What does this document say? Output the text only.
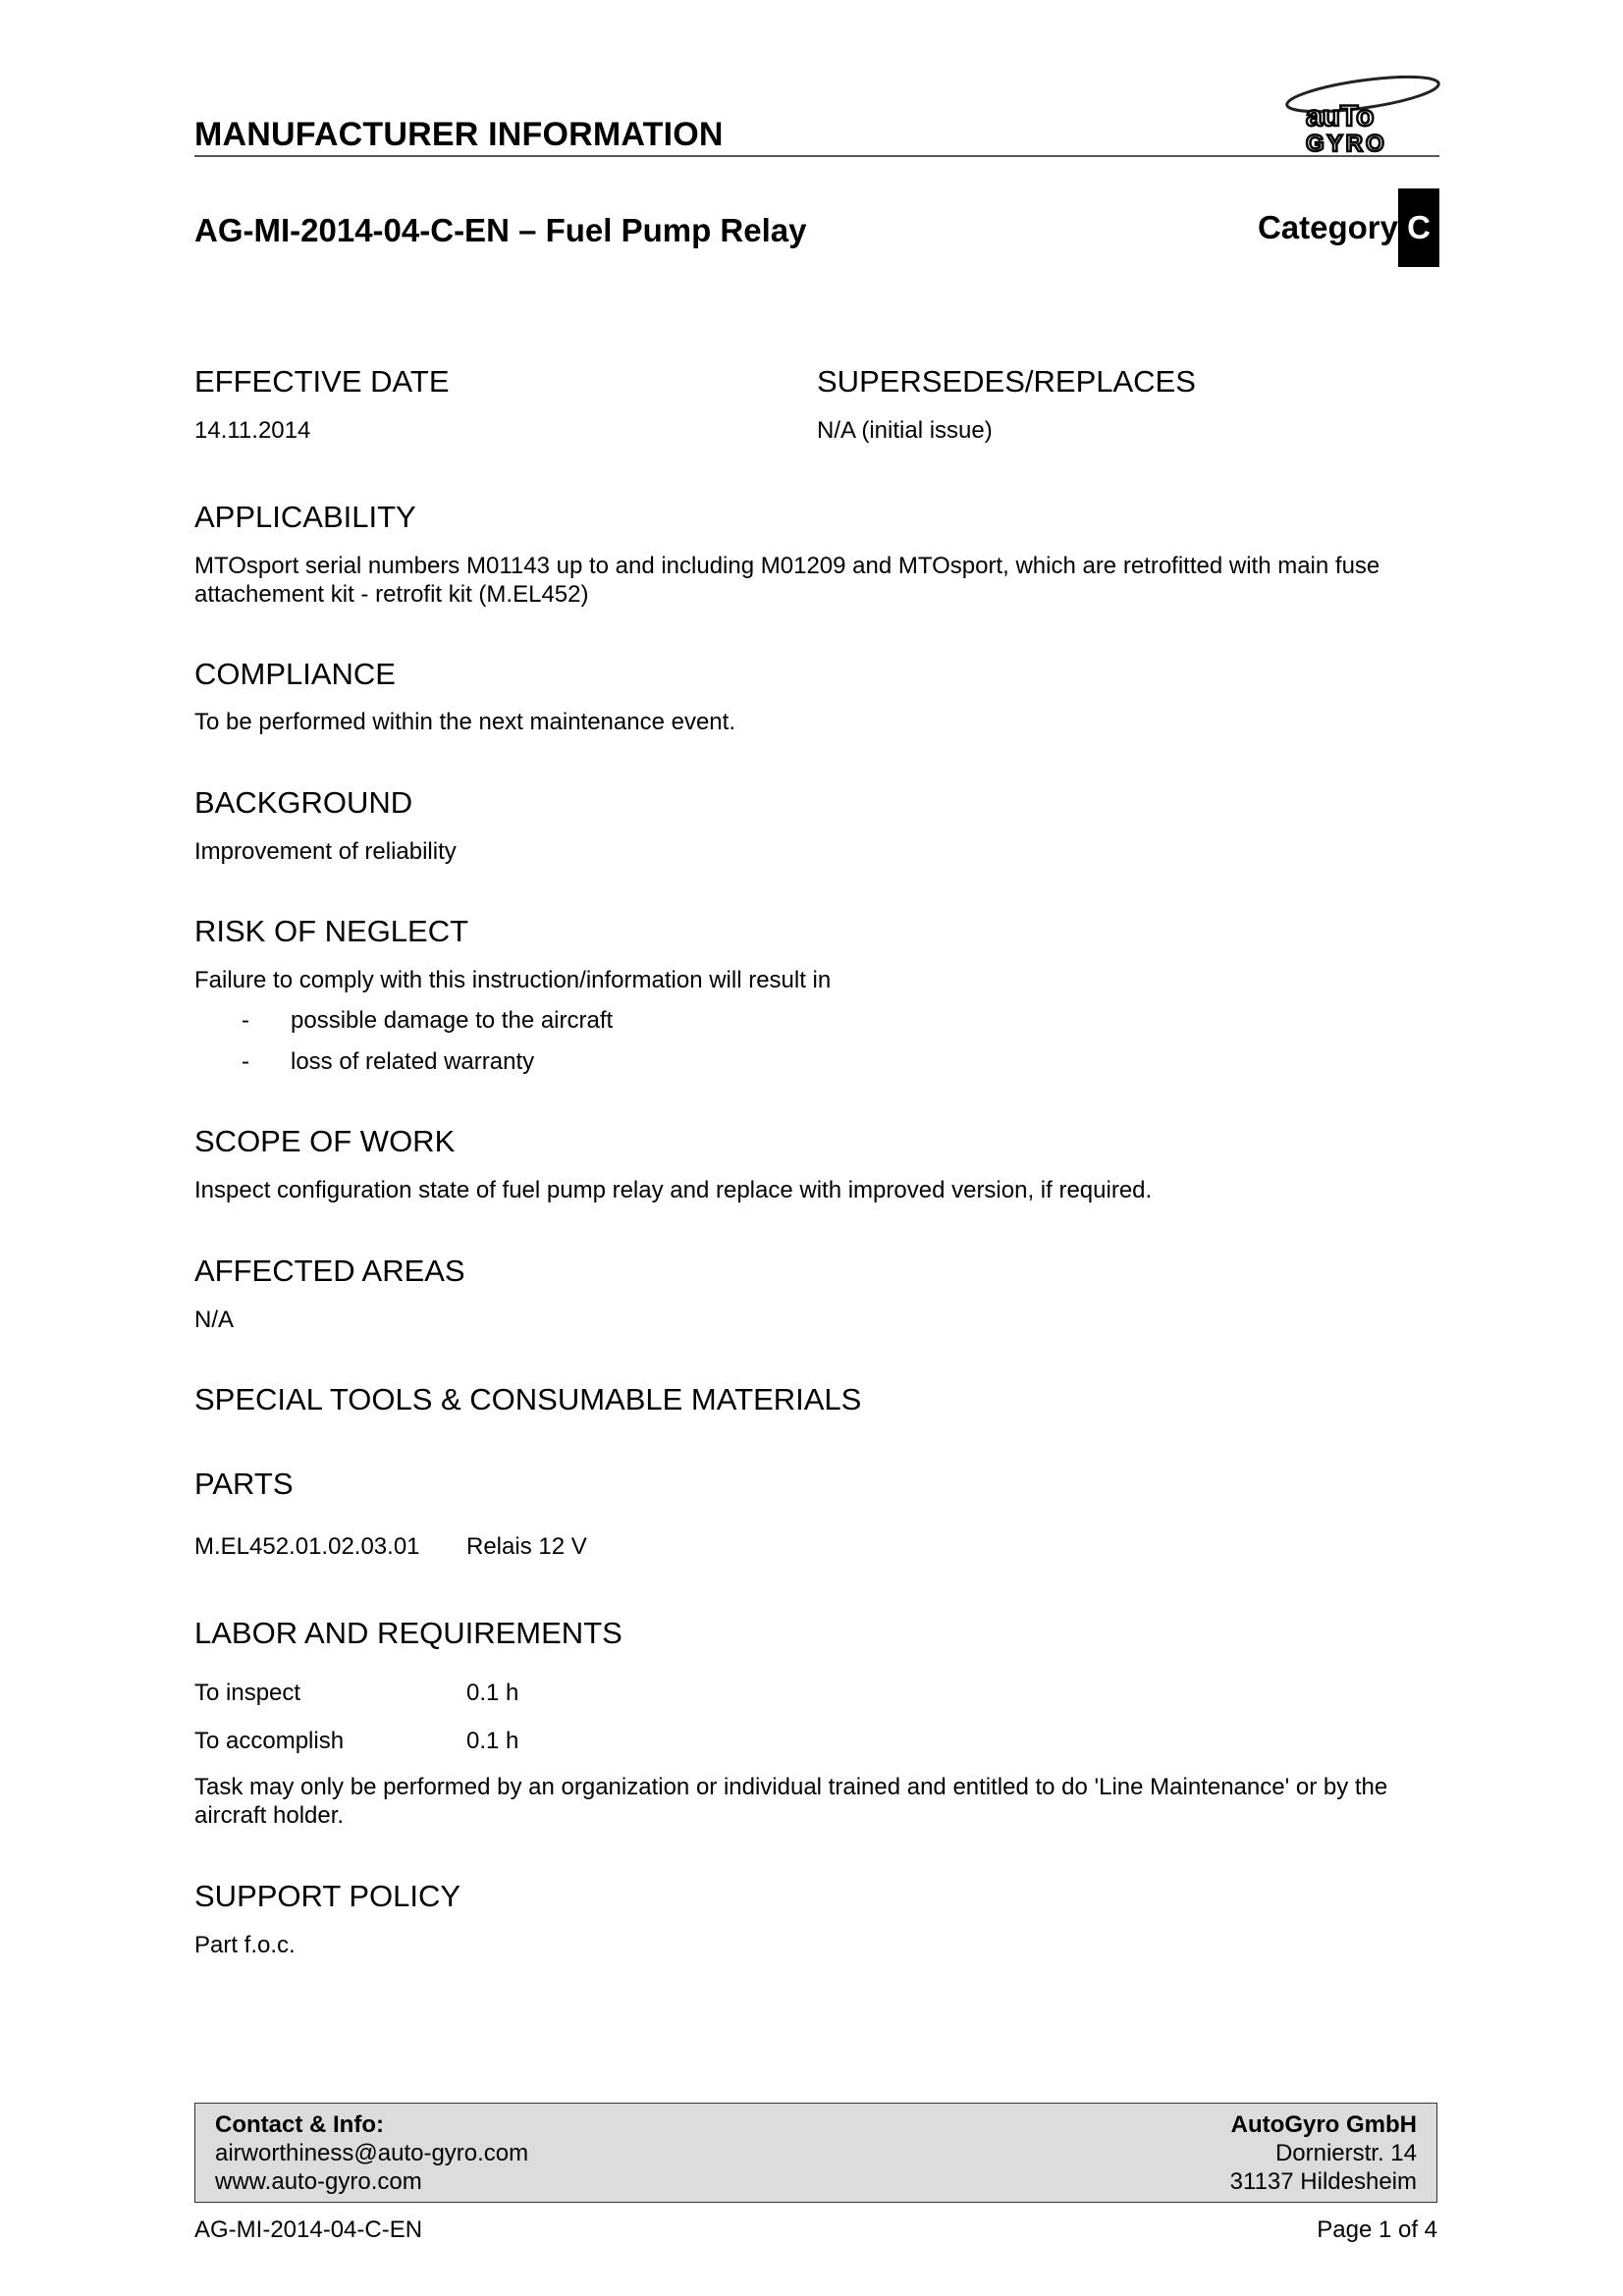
MANUFACTURER INFORMATION	auTo
GYRO
AG-MI-2014-04-C-EN – Fuel Pump Relay	Category C
EFFECTIVE DATE
14.11.2014
SUPERSEDES/REPLACES
N/A (initial issue)
APPLICABILITY
MTOsport serial numbers M01143 up to and including M01209 and MTOsport, which are retrofitted with main fuse attachement kit - retrofit kit (M.EL452)
COMPLIANCE
To be performed within the next maintenance event.
BACKGROUND
Improvement of reliability
RISK OF NEGLECT
Failure to comply with this instruction/information will result in
- possible damage to the aircraft
- loss of related warranty
SCOPE OF WORK
Inspect configuration state of fuel pump relay and replace with improved version, if required.
AFFECTED AREAS
N/A
SPECIAL TOOLS & CONSUMABLE MATERIALS
PARTS
M.EL452.01.02.03.01 Relais 12 V
LABOR AND REQUIREMENTS
To inspect	0.1 h
To accomplish	0.1 h
Task may only be performed by an organization or individual trained and entitled to do 'Line Maintenance' or by the aircraft holder.
SUPPORT POLICY
Part f.o.c.
Contact & Info:
airworthiness@auto-gyro.com
www.auto-gyro.com
AutoGyro GmbH
Dornierstr. 14
31137 Hildesheim
AG-MI-2014-04-C-EN	Page 1 of 4
